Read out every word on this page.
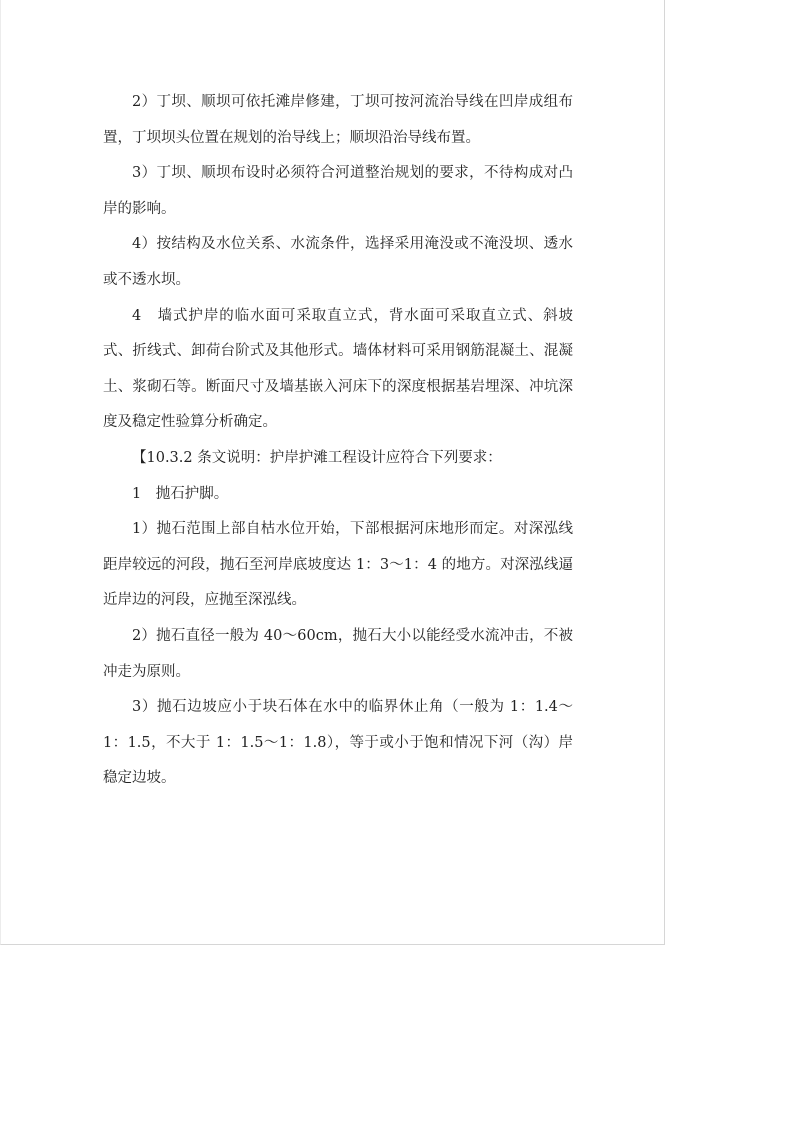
2）丁坝、顺坝可依托滩岸修建，丁坝可按河流治导线在凹岸成组布置，丁坝坝头位置在规划的治导线上；顺坝沿治导线布置。

3）丁坝、顺坝布设时必须符合河道整治规划的要求，不待构成对凸岸的影响。

4）按结构及水位关系、水流条件，选择采用淹没或不淹没坝、透水或不透水坝。

4　墙式护岸的临水面可采取直立式，背水面可采取直立式、斜坡式、折线式、卸荷台阶式及其他形式。墙体材料可采用钢筋混凝土、混凝土、浆砌石等。断面尺寸及墙基嵌入河床下的深度根据基岩埋深、冲坑深度及稳定性验算分析确定。

【10.3.2 条文说明：护岸护滩工程设计应符合下列要求：

1　抛石护脚。

1）抛石范围上部自枯水位开始，下部根据河床地形而定。对深泓线距岸较远的河段，抛石至河岸底坡度达 1：3～1：4 的地方。对深泓线逼近岸边的河段，应抛至深泓线。

2）抛石直径一般为 40～60cm，抛石大小以能经受水流冲击，不被冲走为原则。

3）抛石边坡应小于块石体在水中的临界休止角（一般为 1：1.4～1：1.5，不大于 1：1.5～1：1.8），等于或小于饱和情况下河（沟）岸稳定边坡。
